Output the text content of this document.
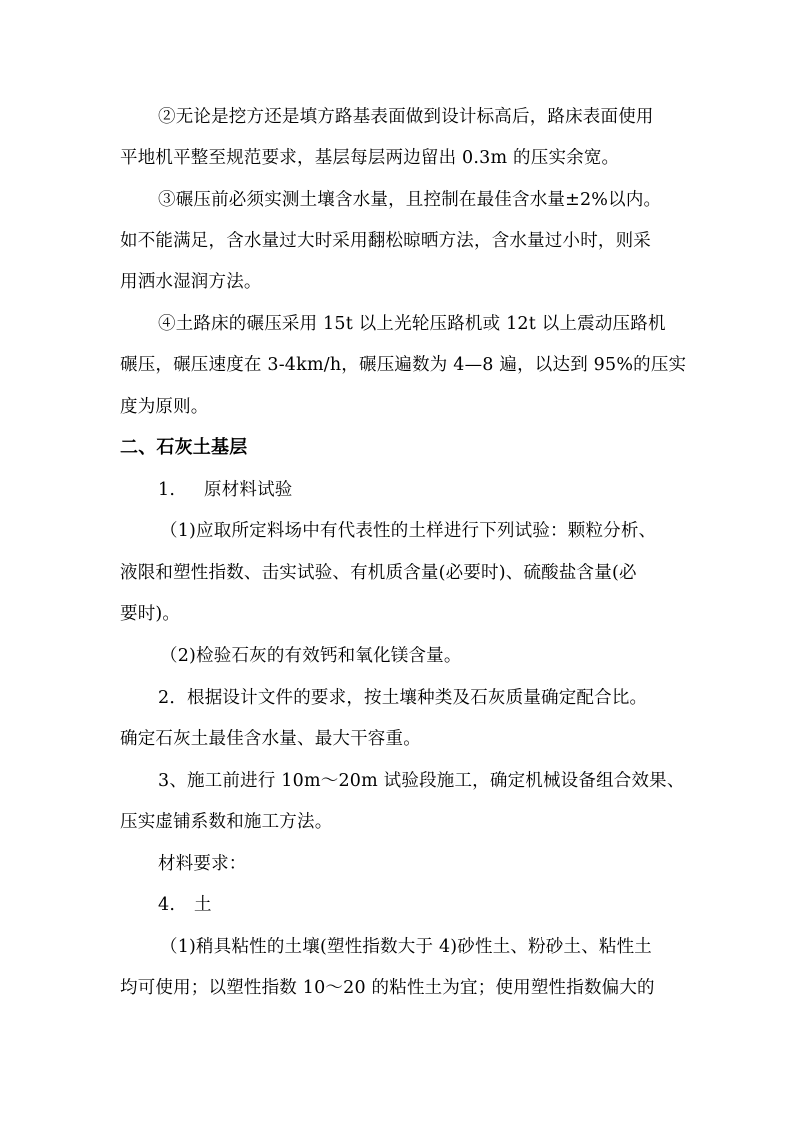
②无论是挖方还是填方路基表面做到设计标高后，路床表面使用
平地机平整至规范要求，基层每层两边留出 0.3m 的压实余宽。
③碾压前必须实测土壤含水量，且控制在最佳含水量±2%以内。
如不能满足，含水量过大时采用翻松晾晒方法，含水量过小时，则采
用洒水湿润方法。
④土路床的碾压采用 15t 以上光轮压路机或 12t 以上震动压路机
碾压，碾压速度在 3-4km/h，碾压遍数为 4—8 遍，以达到 95%的压实
度为原则。
二、石灰土基层
1. 原材料试验
（1)应取所定料场中有代表性的土样进行下列试验：颗粒分析、
液限和塑性指数、击实试验、有机质含量(必要时)、硫酸盐含量(必
要时)。
（2)检验石灰的有效钙和氧化镁含量。
2．根据设计文件的要求，按土壤种类及石灰质量确定配合比。
确定石灰土最佳含水量、最大干容重。
3、施工前进行 10m～20m 试验段施工，确定机械设备组合效果、
压实虚铺系数和施工方法。
材料要求：
4. 土
（1)稍具粘性的土壤(塑性指数大于 4)砂性土、粉砂土、粘性土
均可使用；以塑性指数 10～20 的粘性土为宜；使用塑性指数偏大的
